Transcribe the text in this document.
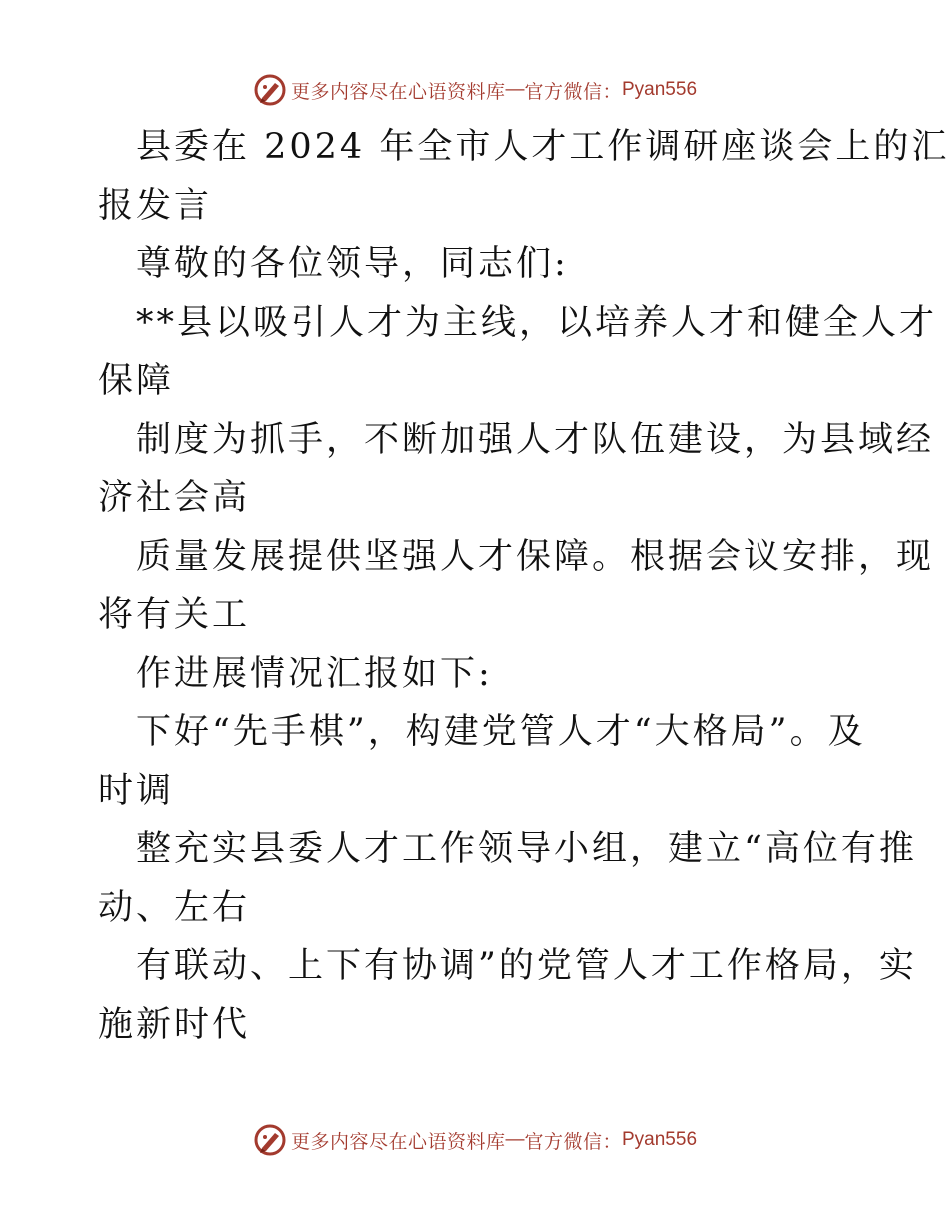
更多内容尽在心语资料库 — 官方微信： Pyan556
县委在 2024 年全市人才工作调研座谈会上的汇
报发言
尊敬的各位领导，同志们:
**县以吸引人才为主线，以培养人才和健全人才
保障
制度为抓手，不断加强人才队伍建设，为县域经
济社会高
质量发展提供坚强人才保障。根据会议安排，现
将有关工
作进展情况汇报如下:
下好“先手棋”，构建党管人才“大格局”。及
时调
整充实县委人才工作领导小组，建立“高位有推
动、左右
有联动、上下有协调”的党管人才工作格局，实
施新时代
更多内容尽在心语资料库 — 官方微信： Pyan556
